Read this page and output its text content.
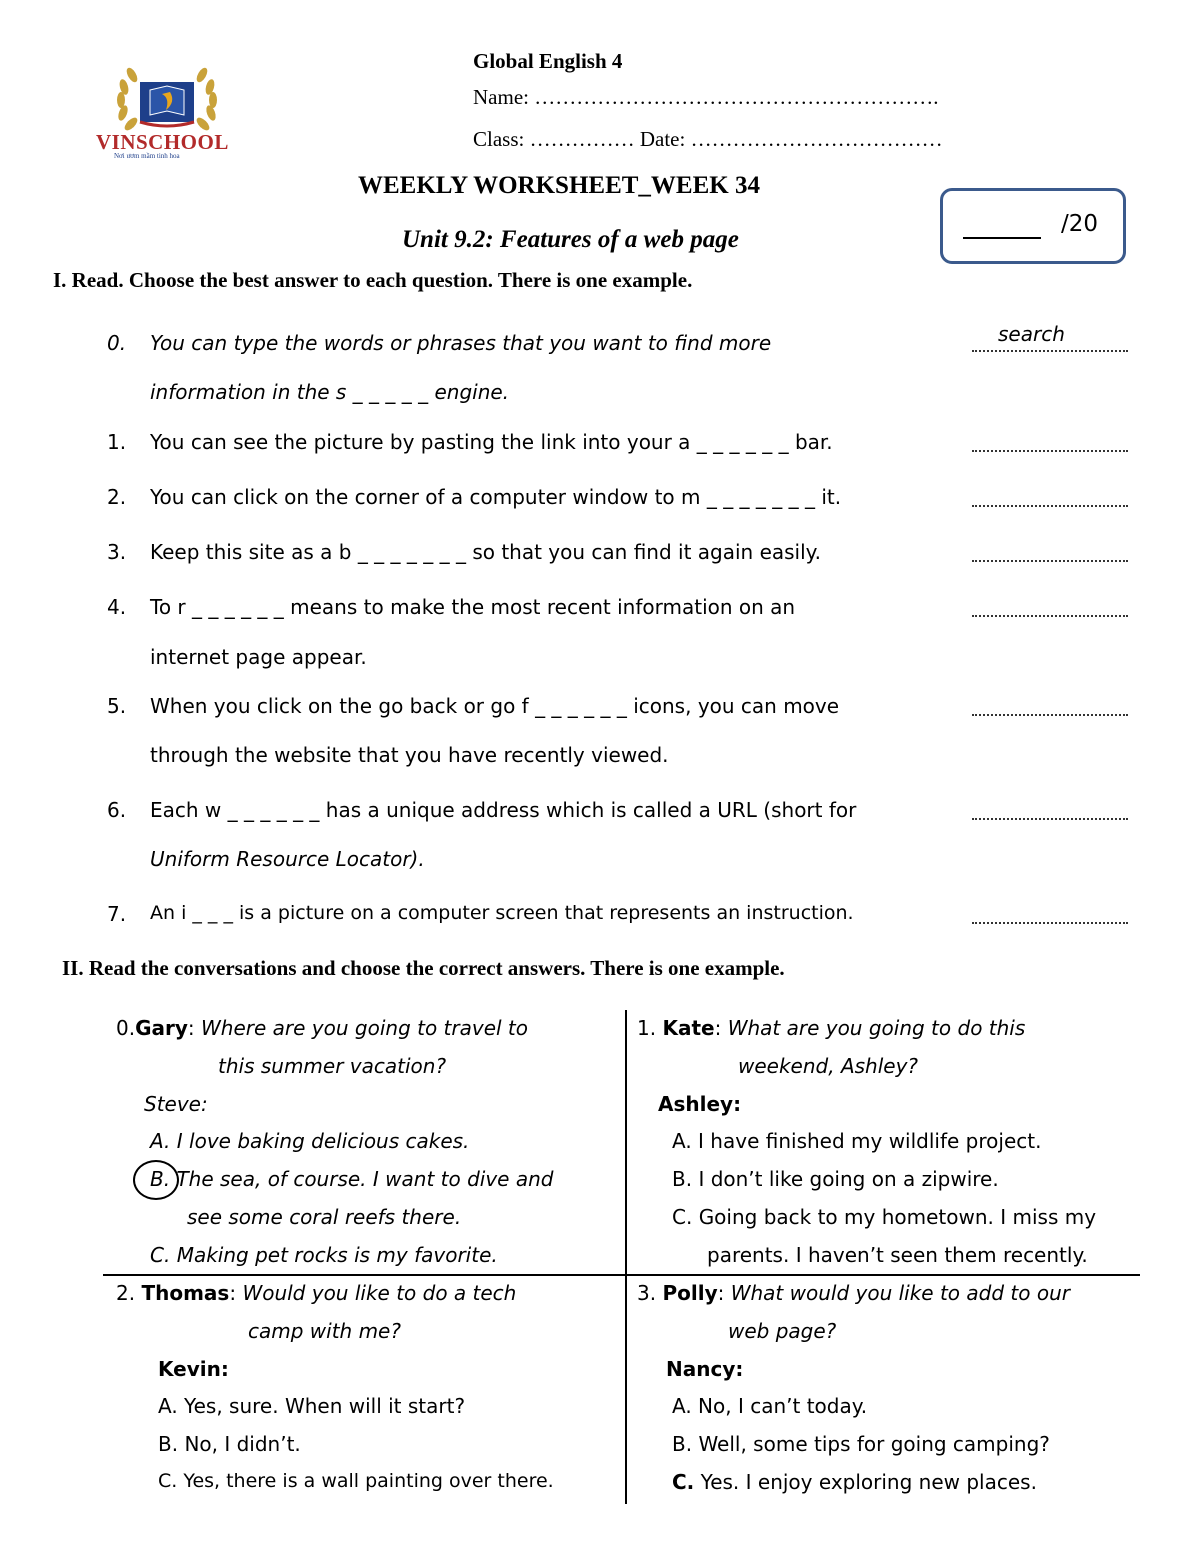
VINSCHOOL
Nơi ươm mầm tinh hoa
Global English 4
Name: ………………………………………………….
Class: …………… Date: ………………………………
WEEKLY WORKSHEET_WEEK 34
Unit 9.2: Features of a web page
/20
I. Read. Choose the best answer to each question. There is one example.
0. You can type the words or phrases that you want to find more
information in the s _ _ _ _ _ engine.
search
1. You can see the picture by pasting the link into your a _ _ _ _ _ _ bar.
2. You can click on the corner of a computer window to m _ _ _ _ _ _ _ it.
3. Keep this site as a b _ _ _ _ _ _ _ so that you can find it again easily.
4. To r _ _ _ _ _ _ means to make the most recent information on an
internet page appear.
5. When you click on the go back or go f _ _ _ _ _ _ icons, you can move
through the website that you have recently viewed.
6. Each w _ _ _ _ _ _ has a unique address which is called a URL (short for
Uniform Resource Locator).
7. An i _ _ _ is a picture on a computer screen that represents an instruction.
II. Read the conversations and choose the correct answers. There is one example.
0.Gary: Where are you going to travel to
this summer vacation?
Steve:
A. I love baking delicious cakes.
B. The sea, of course. I want to dive and
see some coral reefs there.
C. Making pet rocks is my favorite.
1. Kate: What are you going to do this
weekend, Ashley?
Ashley:
A. I have finished my wildlife project.
B. I don’t like going on a zipwire.
C. Going back to my hometown. I miss my
parents. I haven’t seen them recently.
2. Thomas: Would you like to do a tech
camp with me?
Kevin:
A. Yes, sure. When will it start?
B. No, I didn’t.
C. Yes, there is a wall painting over there.
3. Polly: What would you like to add to our
web page?
Nancy:
A. No, I can’t today.
B. Well, some tips for going camping?
C. Yes. I enjoy exploring new places.
